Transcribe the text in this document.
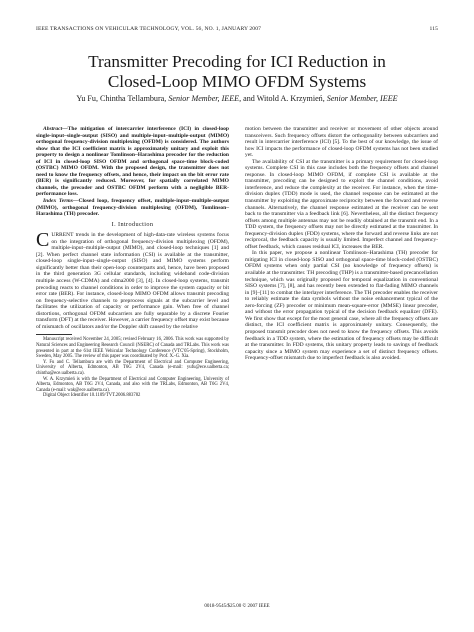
IEEE TRANSACTIONS ON VEHICULAR TECHNOLOGY, VOL. 56, NO. 1, JANUARY 2007	115
Transmitter Precoding for ICI Reduction in
Closed-Loop MIMO OFDM Systems
Yu Fu, Chintha Tellambura, Senior Member, IEEE, and Witold A. Krzymień, Senior Member, IEEE

Abstract—The mitigation of intercarrier interference (ICI) in closed-loop single-input–single-output (SISO) and multiple-input–multiple-output (MIMO) orthogonal frequency-division multiplexing (OFDM) is considered. The authors show that the ICI coefficient matrix is approximately unitary and exploit this property to design a nonlinear Tomlinson–Harashima precoder for the reduction of ICI in closed-loop SISO OFDM and orthogonal space-time block-coded (OSTBC) MIMO OFDM. With the proposed design, the transmitter does not need to know the frequency offsets, and hence, their impact on the bit error rate (BER) is significantly reduced. Moreover, for spatially correlated MIMO channels, the precoder and OSTBC OFDM perform with a negligible BER-performance loss.

Index Terms—Closed loop, frequency offset, multiple-input–multiple-output (MIMO), orthogonal frequency-division multiplexing (OFDM), Tomlinson–Harashima (TH) precoder.

I. Introduction

CURRENT trends in the development of high-data-rate wireless systems focus on the integration of orthogonal frequency-division multiplexing (OFDM), multiple-input–multiple-output (MIMO), and closed-loop techniques [1] and [2]. When perfect channel state information (CSI) is available at the transmitter, closed-loop single-input–single-output (SISO) and MIMO systems perform significantly better than their open-loop counterparts and, hence, have been proposed in the third generation 3G cellular standards, including wideband code-division multiple access (W-CDMA) and cdma2000 [3], [4]. In closed-loop systems, transmit precoding reacts to channel conditions in order to improve the system capacity or bit error rate (BER). For instance, closed-loop MIMO OFDM allows transmit precoding on frequency-selective channels to preprocess signals at the subcarrier level and facilitates the utilization of capacity or performance gain. When free of channel distortions, orthogonal OFDM subcarriers are fully separable by a discrete Fourier transform (DFT) at the receiver. However, a carrier frequency offset may exist because of mismatch of oscillators and/or the Doppler shift caused by the relative

Manuscript received November 24, 2005; revised February 16, 2006. This work was supported by Natural Sciences and Engineering Research Council (NSERC) of Canada and TRLabs. This work was presented in part at the 61st IEEE Vehicular Technology Conference (VTC'05-Spring), Stockholm, Sweden, May 2005. The review of this paper was coordinated by Prof. X.-G. Xia.

Y. Fu and C. Tellambura are with the Department of Electrical and Computer Engineering, University of Alberta, Edmonton, AB T6G 2V4, Canada (e-mail: yufu@ece.ualberta.ca; chintha@ece.ualberta.ca).

W. A. Krzymień is with the Department of Electrical and Computer Engineering, University of Alberta, Edmonton, AB T6G 2V4, Canada, and also with the TRLabs, Edmonton, AB T6G 2V4, Canada (e-mail: wak@ece.ualberta.ca).

Digital Object Identifier 10.1109/TVT.2006.883782

motion between the transmitter and receiver or movement of other objects around transceivers. Such frequency offsets distort the orthogonality between subcarriers and result in intercarrier interference (ICI) [5]. To the best of our knowledge, the issue of how ICI impacts the performance of closed-loop OFDM systems has not been studied yet.

The availability of CSI at the transmitter is a primary requirement for closed-loop systems. Complete CSI in this case includes both the frequency offsets and channel response. In closed-loop MIMO OFDM, if complete CSI is available at the transmitter, precoding can be designed to exploit the channel conditions, avoid interference, and reduce the complexity at the receiver. For instance, when the time-division duplex (TDD) mode is used, the channel response can be estimated at the transmitter by exploiting the approximate reciprocity between the forward and reverse channels. Alternatively, the channel response estimated at the receiver can be sent back to the transmitter via a feedback link [6]. Nevertheless, all the distinct frequency offsets among multiple antennas may not be readily obtained at the transmit end. In a TDD system, the frequency offsets may not be directly estimated at the transmitter. In frequency-division duplex (FDD) systems, where the forward and reverse links are not reciprocal, the feedback capacity is usually limited. Imperfect channel and frequency-offset feedback, which causes residual ICI, increases the BER.

In this paper, we propose a nonlinear Tomlinson–Harashima (TH) precoder for mitigating ICI in closed-loop SISO and orthogonal space-time block-coded (OSTBC) OFDM systems when only partial CSI (no knowledge of frequency offsets) is available at the transmitter. TH precoding (THP) is a transmitter-based precancellation technique, which was originally proposed for temporal equalization in conventional SISO systems [7], [8], and has recently been extended to flat-fading MIMO channels in [9]–[11] to combat the interlayer interference. The TH precoder enables the receiver to reliably estimate the data symbols without the noise enhancement typical of the zero-forcing (ZF) precoder or minimum mean-square-error (MMSE) linear precoder, and without the error propagation typical of the decision feedback equalizer (DFE). We first show that except for the most general case, where all the frequency offsets are distinct, the ICI coefficient matrix is approximately unitary. Consequently, the proposed transmit precoder does not need to know the frequency offsets. This avoids feedback in a TDD system, where the estimation of frequency offsets may be difficult at the transmitter. In FDD systems, this unitary property leads to savings of feedback capacity since a MIMO system may experience a set of distinct frequency offsets. Frequency-offset mismatch due to imperfect feedback is also avoided.

0018-9545/$25.00 © 2007 IEEE
